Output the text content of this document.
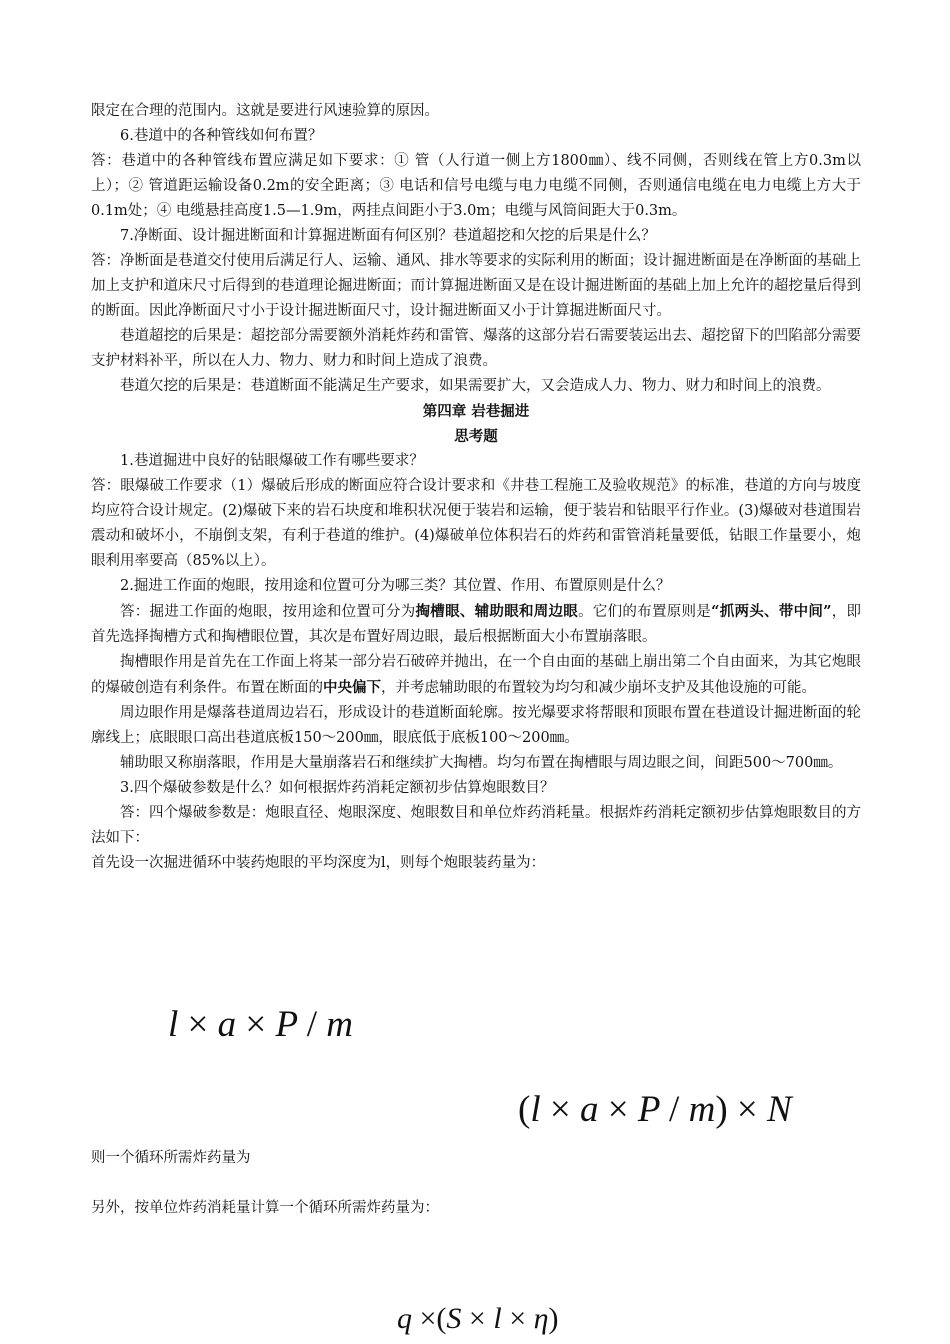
限定在合理的范围内。这就是要进行风速验算的原因。

6.巷道中的各种管线如何布置？

答：巷道中的各种管线布置应满足如下要求：① 管（人行道一侧上方1800㎜）、线不同侧，否则线在管上方0.3m以上）；② 管道距运输设备0.2m的安全距离；③ 电话和信号电缆与电力电缆不同侧，否则通信电缆在电力电缆上方大于0.1m处；④ 电缆悬挂高度1.5—1.9m，两挂点间距小于3.0m；电缆与风筒间距大于0.3m。

7.净断面、设计掘进断面和计算掘进断面有何区别？巷道超挖和欠挖的后果是什么？

答：净断面是巷道交付使用后满足行人、运输、通风、排水等要求的实际利用的断面；设计掘进断面是在净断面的基础上加上支护和道床尺寸后得到的巷道理论掘进断面；而计算掘进断面又是在设计掘进断面的基础上加上允许的超挖量后得到的断面。因此净断面尺寸小于设计掘进断面尺寸，设计掘进断面又小于计算掘进断面尺寸。

巷道超挖的后果是：超挖部分需要额外消耗炸药和雷管、爆落的这部分岩石需要装运出去、超挖留下的凹陷部分需要支护材料补平，所以在人力、物力、财力和时间上造成了浪费。

巷道欠挖的后果是：巷道断面不能满足生产要求，如果需要扩大，又会造成人力、物力、财力和时间上的浪费。

第四章 岩巷掘进

思考题

1.巷道掘进中良好的钻眼爆破工作有哪些要求？

答：眼爆破工作要求（1）爆破后形成的断面应符合设计要求和《井巷工程施工及验收规范》的标准，巷道的方向与坡度均应符合设计规定。(2)爆破下来的岩石块度和堆积状况便于装岩和运输，便于装岩和钻眼平行作业。(3)爆破对巷道围岩震动和破坏小，不崩倒支架，有利于巷道的维护。(4)爆破单位体积岩石的炸药和雷管消耗量要低，钻眼工作量要小，炮眼利用率要高（85%以上）。

2.掘进工作面的炮眼，按用途和位置可分为哪三类？其位置、作用、布置原则是什么？

答：掘进工作面的炮眼，按用途和位置可分为掏槽眼、辅助眼和周边眼。它们的布置原则是“抓两头、带中间”，即首先选择掏槽方式和掏槽眼位置，其次是布置好周边眼，最后根据断面大小布置崩落眼。

掏槽眼作用是首先在工作面上将某一部分岩石破碎并抛出，在一个自由面的基础上崩出第二个自由面来，为其它炮眼的爆破创造有利条件。布置在断面的中央偏下，并考虑辅助眼的布置较为均匀和减少崩坏支护及其他设施的可能。

周边眼作用是爆落巷道周边岩石，形成设计的巷道断面轮廓。按光爆要求将帮眼和顶眼布置在巷道设计掘进断面的轮廓线上；底眼眼口高出巷道底板150～200㎜，眼底低于底板100～200㎜。

辅助眼又称崩落眼，作用是大量崩落岩石和继续扩大掏槽。均匀布置在掏槽眼与周边眼之间，间距500～700㎜。

3.四个爆破参数是什么？如何根据炸药消耗定额初步估算炮眼数目？

答：四个爆破参数是：炮眼直径、炮眼深度、炮眼数目和单位炸药消耗量。根据炸药消耗定额初步估算炮眼数目的方法如下：

首先设一次掘进循环中装药炮眼的平均深度为l，则每个炮眼装药量为：

l × a × P / m
(l × a × P / m) × N
则一个循环所需炸药量为
另外，按单位炸药消耗量计算一个循环所需炸药量为：
q ×(S × l × η)
